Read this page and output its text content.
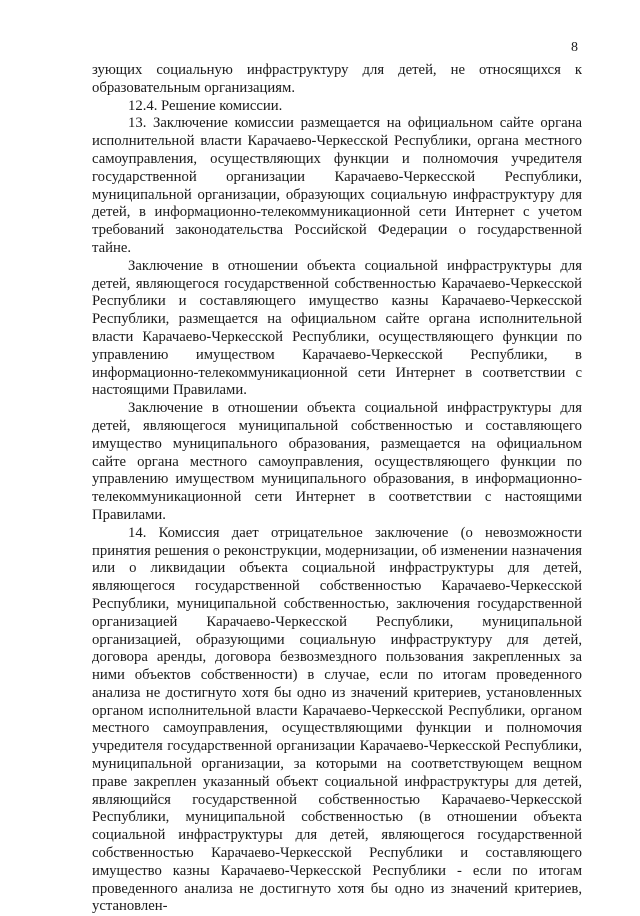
8

зующих социальную инфраструктуру для детей, не относящихся к образовательным организациям.

12.4. Решение комиссии.

13. Заключение комиссии размещается на официальном сайте органа исполнительной власти Карачаево-Черкесской Республики, органа местного самоуправления, осуществляющих функции и полномочия учредителя государственной организации Карачаево-Черкесской Республики, муниципальной организации, образующих социальную инфраструктуру для детей, в информационно-телекоммуникационной сети Интернет с учетом требований законодательства Российской Федерации о государственной тайне.

Заключение в отношении объекта социальной инфраструктуры для детей, являющегося государственной собственностью Карачаево-Черкесской Республики и составляющего имущество казны Карачаево-Черкесской Республики, размещается на официальном сайте органа исполнительной власти Карачаево-Черкесской Республики, осуществляющего функции по управлению имуществом Карачаево-Черкесской Республики, в информационно-телекоммуникационной сети Интернет в соответствии с настоящими Правилами.

Заключение в отношении объекта социальной инфраструктуры для детей, являющегося муниципальной собственностью и составляющего имущество муниципального образования, размещается на официальном сайте органа местного самоуправления, осуществляющего функции по управлению имуществом муниципального образования, в информационно-телекоммуникационной сети Интернет в соответствии с настоящими Правилами.

14. Комиссия дает отрицательное заключение (о невозможности принятия решения о реконструкции, модернизации, об изменении назначения или о ликвидации объекта социальной инфраструктуры для детей, являющегося государственной собственностью Карачаево-Черкесской Республики, муниципальной собственностью, заключения государственной организацией Карачаево-Черкесской Республики, муниципальной организацией, образующими социальную инфраструктуру для детей, договора аренды, договора безвозмездного пользования закрепленных за ними объектов собственности) в случае, если по итогам проведенного анализа не достигнуто хотя бы одно из значений критериев, установленных органом исполнительной власти Карачаево-Черкесской Республики, органом местного самоуправления, осуществляющими функции и полномочия учредителя государственной организации Карачаево-Черкесской Республики, муниципальной организации, за которыми на соответствующем вещном праве закреплен указанный объект социальной инфраструктуры для детей, являющийся государственной собственностью Карачаево-Черкесской Республики, муниципальной собственностью (в отношении объекта социальной инфраструктуры для детей, являющегося государственной собственностью Карачаево-Черкесской Республики и составляющего имущество казны Карачаево-Черкесской Республики - если по итогам проведенного анализа не достигнуто хотя бы одно из значений критериев, установлен-
